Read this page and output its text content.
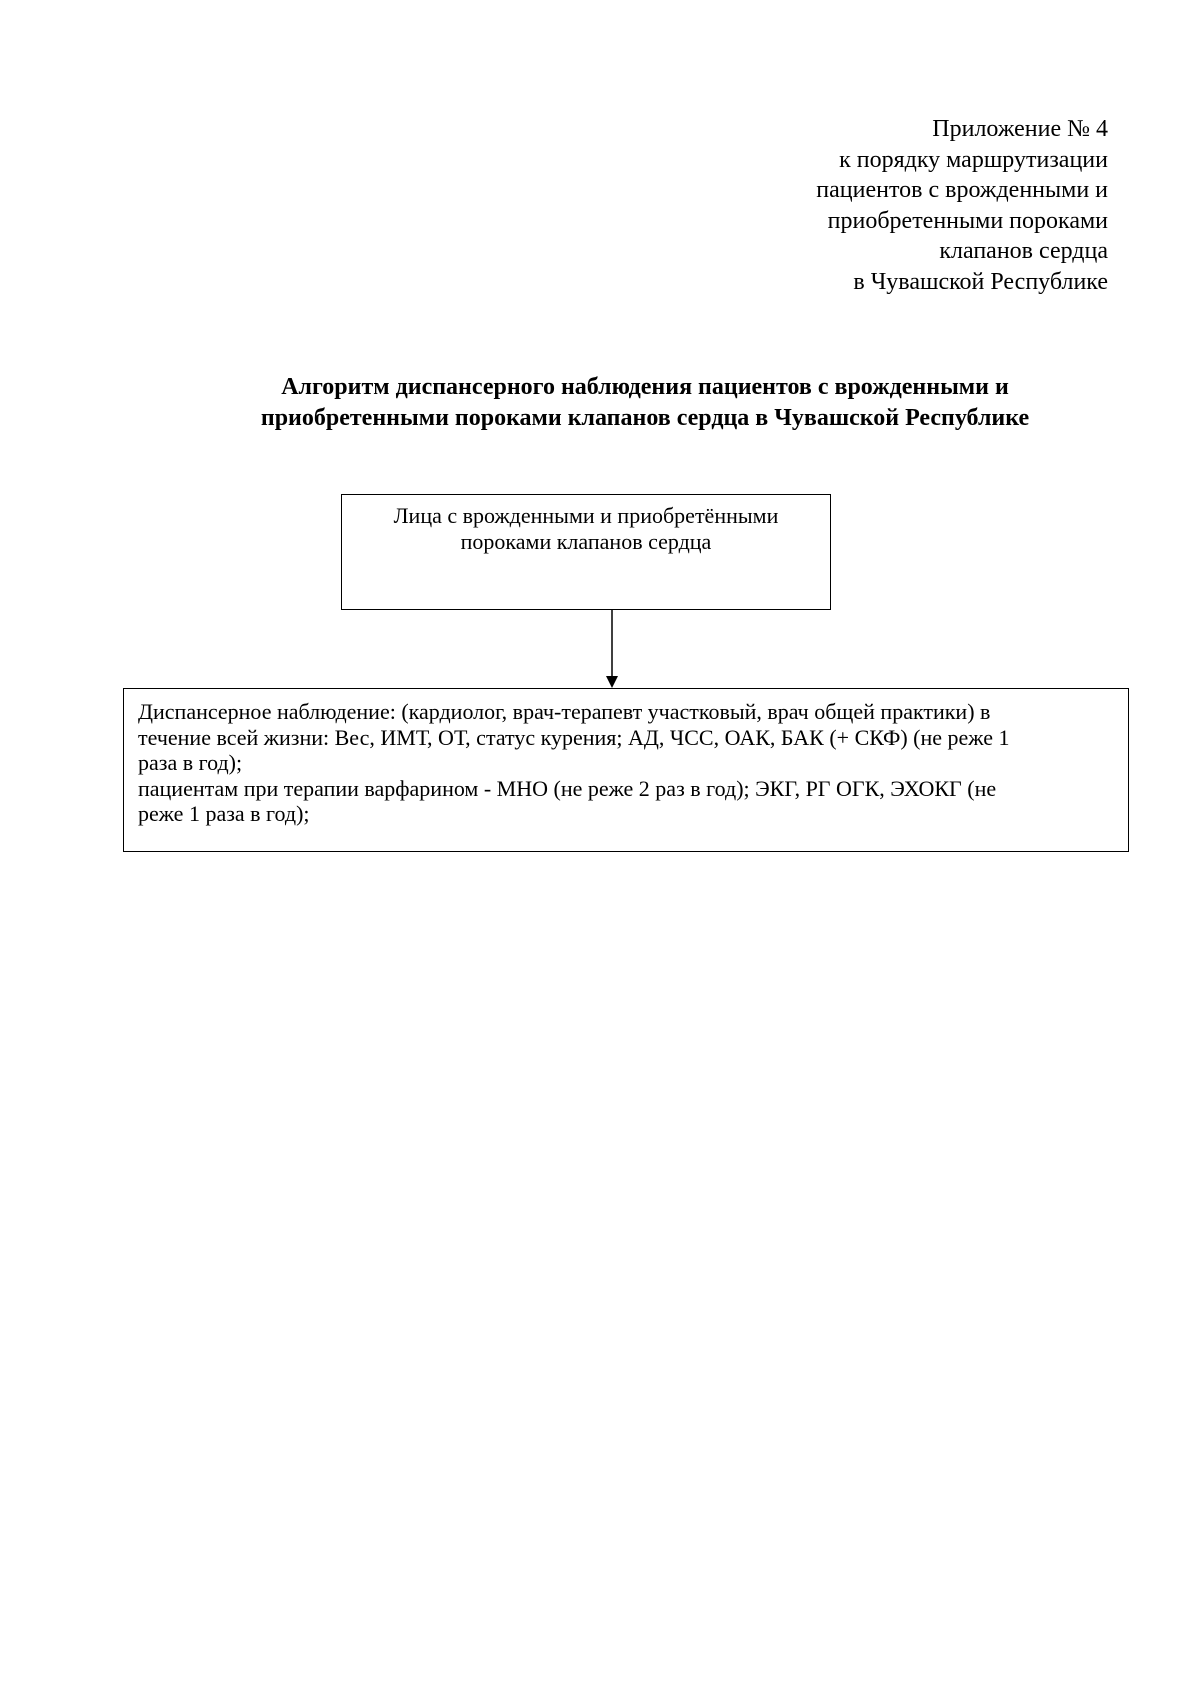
Приложение № 4
к порядку маршрутизации
пациентов с врожденными и
приобретенными пороками
клапанов сердца
в Чувашской Республике
Алгоритм диспансерного наблюдения пациентов с врожденными и
приобретенными пороками клапанов сердца в Чувашской Республике
Лица с врожденными и приобретёнными
пороками клапанов сердца
Диспансерное наблюдение: (кардиолог, врач-терапевт участковый, врач общей практики) в
течение всей жизни: Вес, ИМТ, ОТ, статус курения; АД, ЧСС, ОАК, БАК (+ СКФ) (не реже 1
раза в год);
пациентам при терапии варфарином - МНО (не реже 2 раз в год); ЭКГ, РГ ОГК, ЭХОКГ (не
реже 1 раза в год);
